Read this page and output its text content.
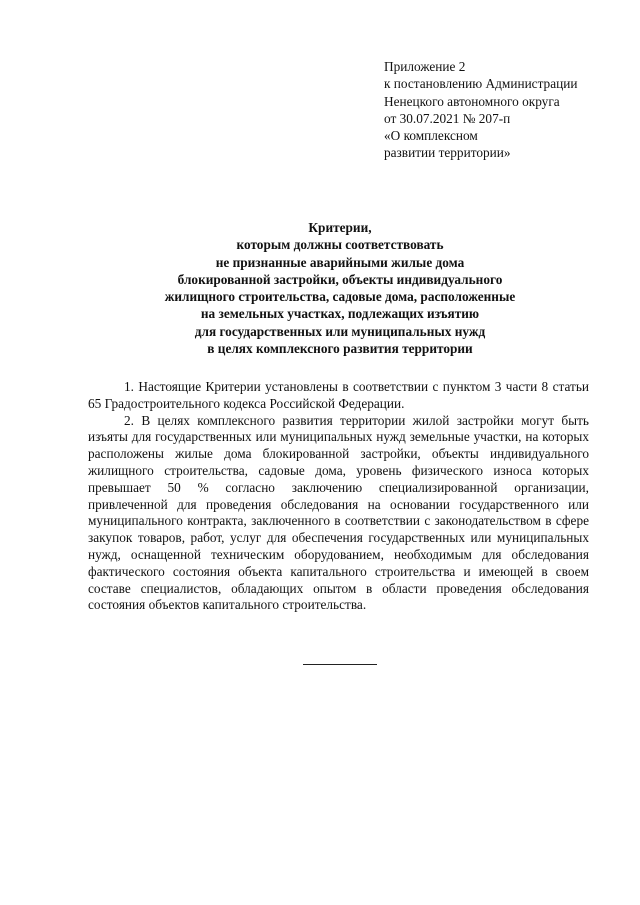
Приложение 2
к постановлению Администрации
Ненецкого автономного округа
от 30.07.2021 № 207-п
«О комплексном
развитии территории»
Критерии,
которым должны соответствовать
не признанные аварийными жилые дома
блокированной застройки, объекты индивидуального
жилищного строительства, садовые дома, расположенные
на земельных участках, подлежащих изъятию
для государственных или муниципальных нужд
в целях комплексного развития территории

1. Настоящие Критерии установлены в соответствии с пунктом 3 части 8 статьи 65 Градостроительного кодекса Российской Федерации.

2. В целях комплексного развития территории жилой застройки могут быть изъяты для государственных или муниципальных нужд земельные участки, на которых расположены жилые дома блокированной застройки, объекты индивидуального жилищного строительства, садовые дома, уровень физического износа которых превышает 50 % согласно заключению специализированной организации, привлеченной для проведения обследования на основании государственного или муниципального контракта, заключенного в соответствии с законодательством в сфере закупок товаров, работ, услуг для обеспечения государственных или муниципальных нужд, оснащенной техническим оборудованием, необходимым для обследования фактического состояния объекта капитального строительства и имеющей в своем составе специалистов, обладающих опытом в области проведения обследования состояния объектов капитального строительства.
